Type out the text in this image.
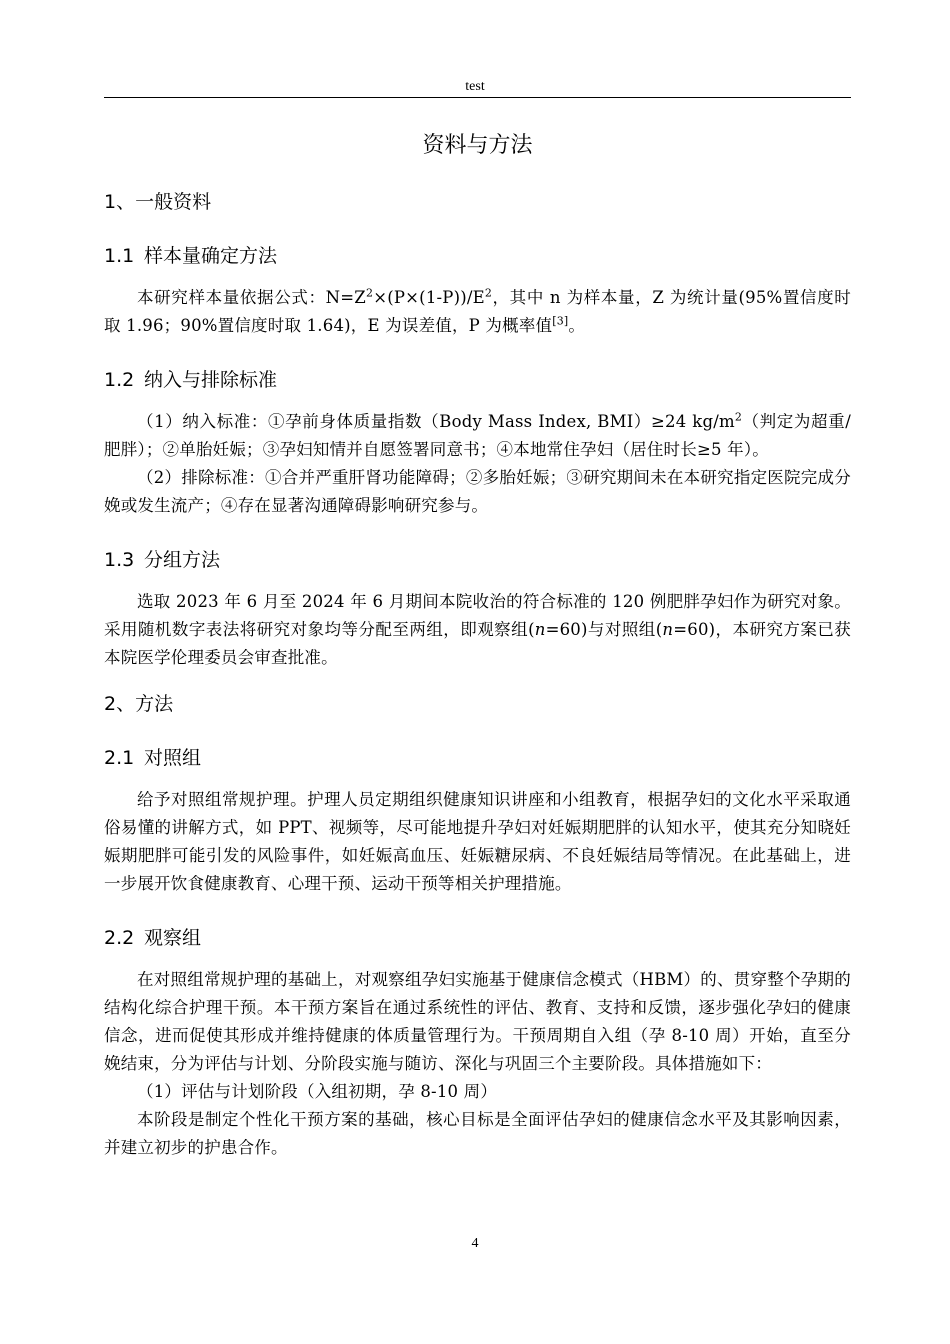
test
资料与方法
1、一般资料
1.1 样本量确定方法

本研究样本量依据公式：$N=Z^2\times(P\times(1-P))/E^2$，其中 n 为样本量，Z 为统计量(95%置信度时取 1.96；90%置信度时取 1.64)，E 为误差值，P 为概率值[3]。

1.2 纳入与排除标准

（1）纳入标准：①孕前身体质量指数（Body Mass Index, BMI）≥24 $kg/m^2$（判定为超重/肥胖）；②单胎妊娠；③孕妇知情并自愿签署同意书；④本地常住孕妇（居住时长≥5 年）。

（2）排除标准：①合并严重肝肾功能障碍；②多胎妊娠；③研究期间未在本研究指定医院完成分娩或发生流产；④存在显著沟通障碍影响研究参与。

1.3 分组方法

选取 2023 年 6 月至 2024 年 6 月期间本院收治的符合标准的 120 例肥胖孕妇作为研究对象。采用随机数字表法将研究对象均等分配至两组，即观察组(n=60)与对照组(n=60)，本研究方案已获本院医学伦理委员会审查批准。

2、方法
2.1 对照组

给予对照组常规护理。护理人员定期组织健康知识讲座和小组教育，根据孕妇的文化水平采取通俗易懂的讲解方式，如 PPT、视频等，尽可能地提升孕妇对妊娠期肥胖的认知水平，使其充分知晓妊娠期肥胖可能引发的风险事件，如妊娠高血压、妊娠糖尿病、不良妊娠结局等情况。在此基础上，进一步展开饮食健康教育、心理干预、运动干预等相关护理措施。

2.2 观察组

在对照组常规护理的基础上，对观察组孕妇实施基于健康信念模式（HBM）的、贯穿整个孕期的结构化综合护理干预。本干预方案旨在通过系统性的评估、教育、支持和反馈，逐步强化孕妇的健康信念，进而促使其形成并维持健康的体质量管理行为。干预周期自入组（孕 8-10 周）开始，直至分娩结束，分为评估与计划、分阶段实施与随访、深化与巩固三个主要阶段。具体措施如下：

（1）评估与计划阶段（入组初期，孕 8-10 周）

本阶段是制定个性化干预方案的基础，核心目标是全面评估孕妇的健康信念水平及其影响因素，并建立初步的护患合作。

4
